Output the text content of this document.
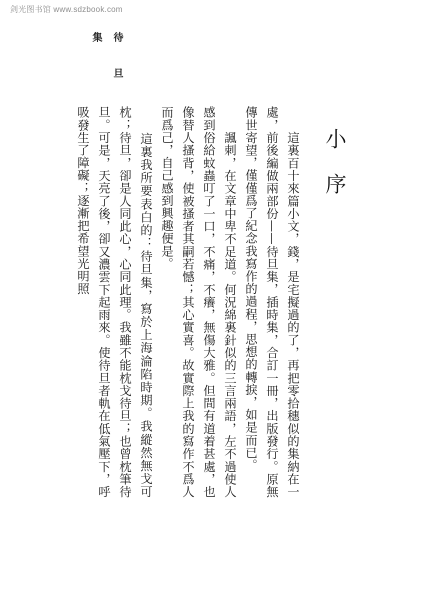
剑光图书馆 www.sdzbook.com
待旦
集
小序

　　這裏百十來篇小文，錢，是宅擬過的了，再把零拾穗似的集納在一處，前後編做兩部份——待旦集，插時集，合訂一冊，出版發行。原無傳世寄望，僅僅爲了紀念我寫作的過程，思想的轉捩，如是而已。

　　諷刺，在文章中卑不足道。何況綿裏針似的三言兩語，左不過使人感到俗給蚊蟲叮了一口，不痛，不癢，無傷大雅。但間有道着甚處，也像替人搔背，使被搔者其嗣若憾；其心實喜。故實際上我的寫作不爲人而爲己，自己感到興趣便是。

　　這裏我所要表白的：待旦集，寫於上海淪陷時期。我縱然無戈可枕；待旦，卻是人同此心，心同此理。我雖不能枕戈待旦；也曾枕筆待旦。可是，天亮了後，卻又濃雲下起雨來。使待旦者軌在低氣壓下，呼吸發生了障礙；逐漸把希望光明照
